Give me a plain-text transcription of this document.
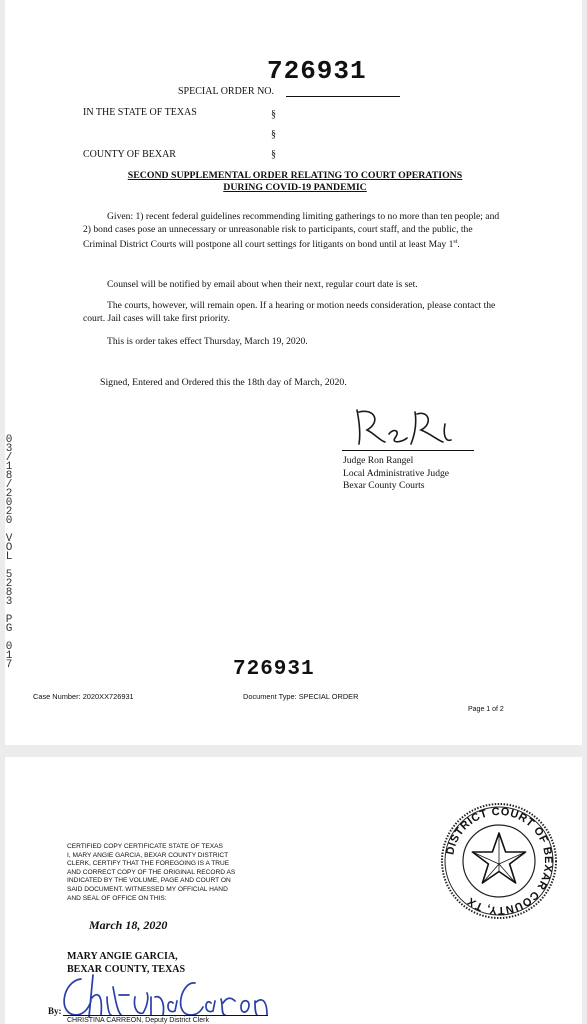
726931
SPECIAL ORDER NO.
IN THE STATE OF TEXAS	§
§
COUNTY OF BEXAR	§
SECOND SUPPLEMENTAL ORDER RELATING TO COURT OPERATIONS
DURING COVID-19 PANDEMIC
Given: 1) recent federal guidelines recommending limiting gatherings to no more than ten people; and 2) bond cases pose an unnecessary or unreasonable risk to participants, court staff, and the public, the Criminal District Courts will postpone all court settings for litigants on bond until at least May 1st.
Counsel will be notified by email about when their next, regular court date is set.
The courts, however, will remain open. If a hearing or motion needs consideration, please contact the court. Jail cases will take first priority.
This is order takes effect Thursday, March 19, 2020.
Signed, Entered and Ordered this the 18th day of March, 2020.
Judge Ron Rangel
Local Administrative Judge
Bexar County Courts
0
3
/
1
8
/
2
0
2
0

V
O
L

5
2
8
3

P
G

0
1
7	726931
Case Number: 2020XX726931	Document Type: SPECIAL ORDER
Page 1 of 2
CERTIFIED COPY CERTIFICATE STATE OF TEXAS
I, MARY ANGIE GARCIA, BEXAR COUNTY DISTRICT
CLERK, CERTIFY THAT THE FOREGOING IS A TRUE
AND CORRECT COPY OF THE ORIGINAL RECORD AS
INDICATED BY THE VOLUME, PAGE AND COURT ON
SAID DOCUMENT. WITNESSED MY OFFICIAL HAND
AND SEAL OF OFFICE ON THIS:
March 18, 2020
MARY ANGIE GARCIA,
BEXAR COUNTY, TEXAS
By:
CHRISTINA CARREON, Deputy District Clerk
DISTRICT COURT OF BEXAR COUNTY, TX
